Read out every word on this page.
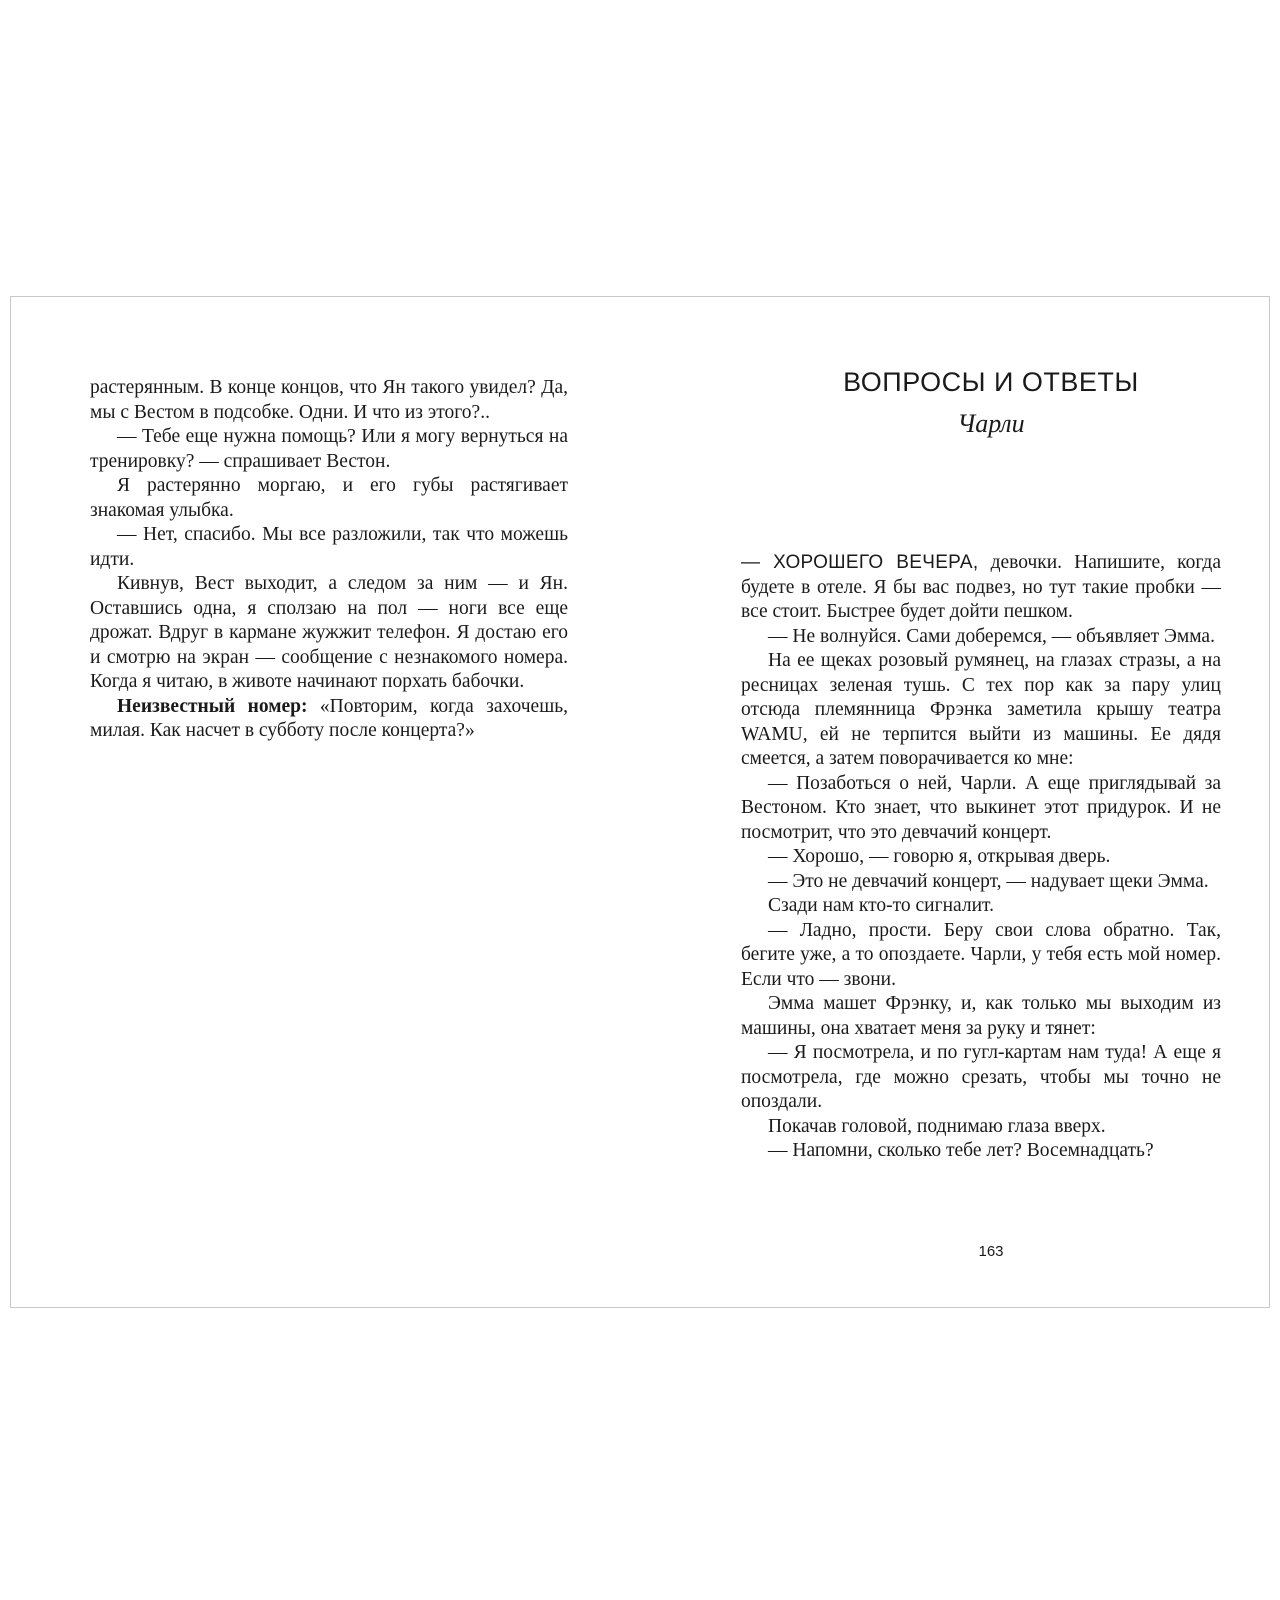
растерянным. В конце концов, что Ян такого увидел? Да, мы с Вестом в подсобке. Одни. И что из этого?..

— Тебе еще нужна помощь? Или я могу вернуться на тренировку? — спрашивает Вестон.

Я растерянно моргаю, и его губы растягивает знакомая улыбка.

— Нет, спасибо. Мы все разложили, так что можешь идти.

Кивнув, Вест выходит, а следом за ним — и Ян. Оставшись одна, я сползаю на пол — ноги все еще дрожат. Вдруг в кармане жужжит телефон. Я достаю его и смотрю на экран — сообщение с незнакомого номера. Когда я читаю, в животе начинают порхать бабочки.

Неизвестный номер: «Повторим, когда захочешь, милая. Как насчет в субботу после концерта?»

ВОПРОСЫ И ОТВЕТЫ
Чарли

— ХОРОШЕГО ВЕЧЕРА, девочки. Напишите, когда будете в отеле. Я бы вас подвез, но тут такие пробки — все стоит. Быстрее будет дойти пешком.

— Не волнуйся. Сами доберемся, — объявляет Эмма.

На ее щеках розовый румянец, на глазах стразы, а на ресницах зеленая тушь. С тех пор как за пару улиц отсюда племянница Фрэнка заметила крышу театра WAMU, ей не терпится выйти из машины. Ее дядя смеется, а затем поворачивается ко мне:

— Позаботься о ней, Чарли. А еще приглядывай за Вестоном. Кто знает, что выкинет этот придурок. И не посмотрит, что это девчачий концерт.

— Хорошо, — говорю я, открывая дверь.

— Это не девчачий концерт, — надувает щеки Эмма.

Сзади нам кто-то сигналит.

— Ладно, прости. Беру свои слова обратно. Так, бегите уже, а то опоздаете. Чарли, у тебя есть мой номер. Если что — звони.

Эмма машет Фрэнку, и, как только мы выходим из машины, она хватает меня за руку и тянет:

— Я посмотрела, и по гугл-картам нам туда! А еще я посмотрела, где можно срезать, чтобы мы точно не опоздали.

Покачав головой, поднимаю глаза вверх.

— Напомни, сколько тебе лет? Восемнадцать?

163
